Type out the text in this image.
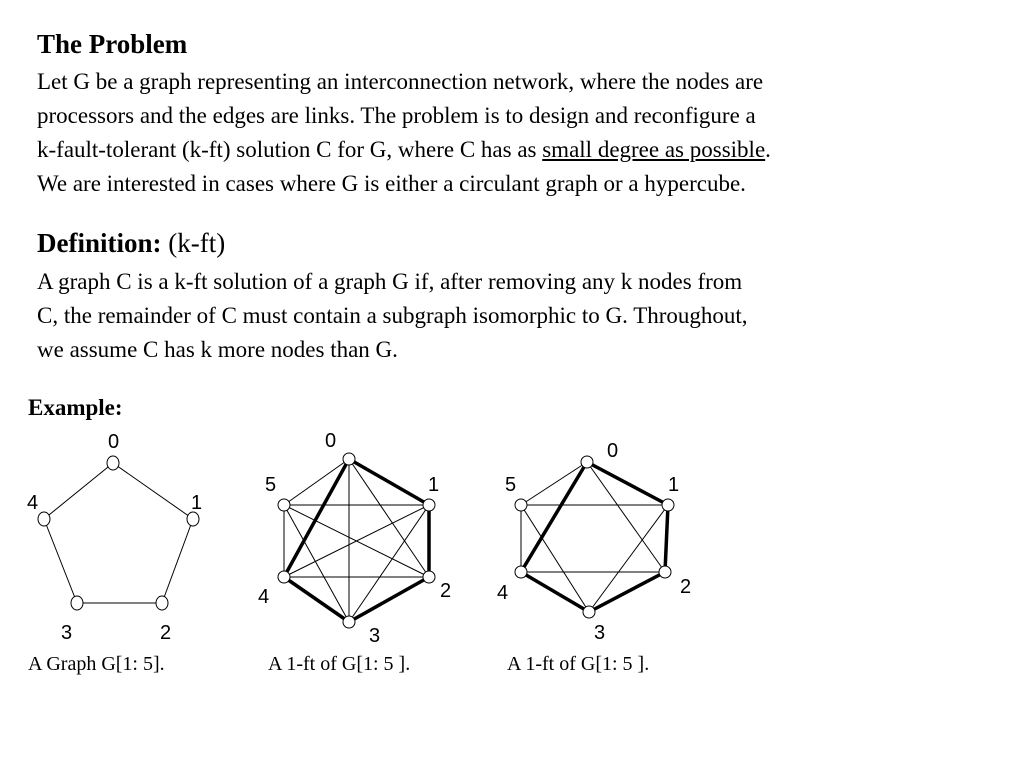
The Problem

Let G be a graph representing an interconnection network, where the nodes are
processors and the edges are links. The problem is to design and reconfigure a
k-fault-tolerant (k-ft) solution C for G, where C has as small degree as possible.
We are interested in cases where G is either a circulant graph or a hypercube.

Definition: (k-ft)

A graph C is a k-ft solution of a graph G if, after removing any k nodes from
C, the remainder of C must contain a subgraph isomorphic to G. Throughout,
we assume C has k more nodes than G.

Example:

0
1
2
3
4
A Graph G[1: 5].
0
1
2
3
4
5
A 1-ft of G[1: 5 ].
0
1
2
3
4
5
A 1-ft of G[1: 5 ].
